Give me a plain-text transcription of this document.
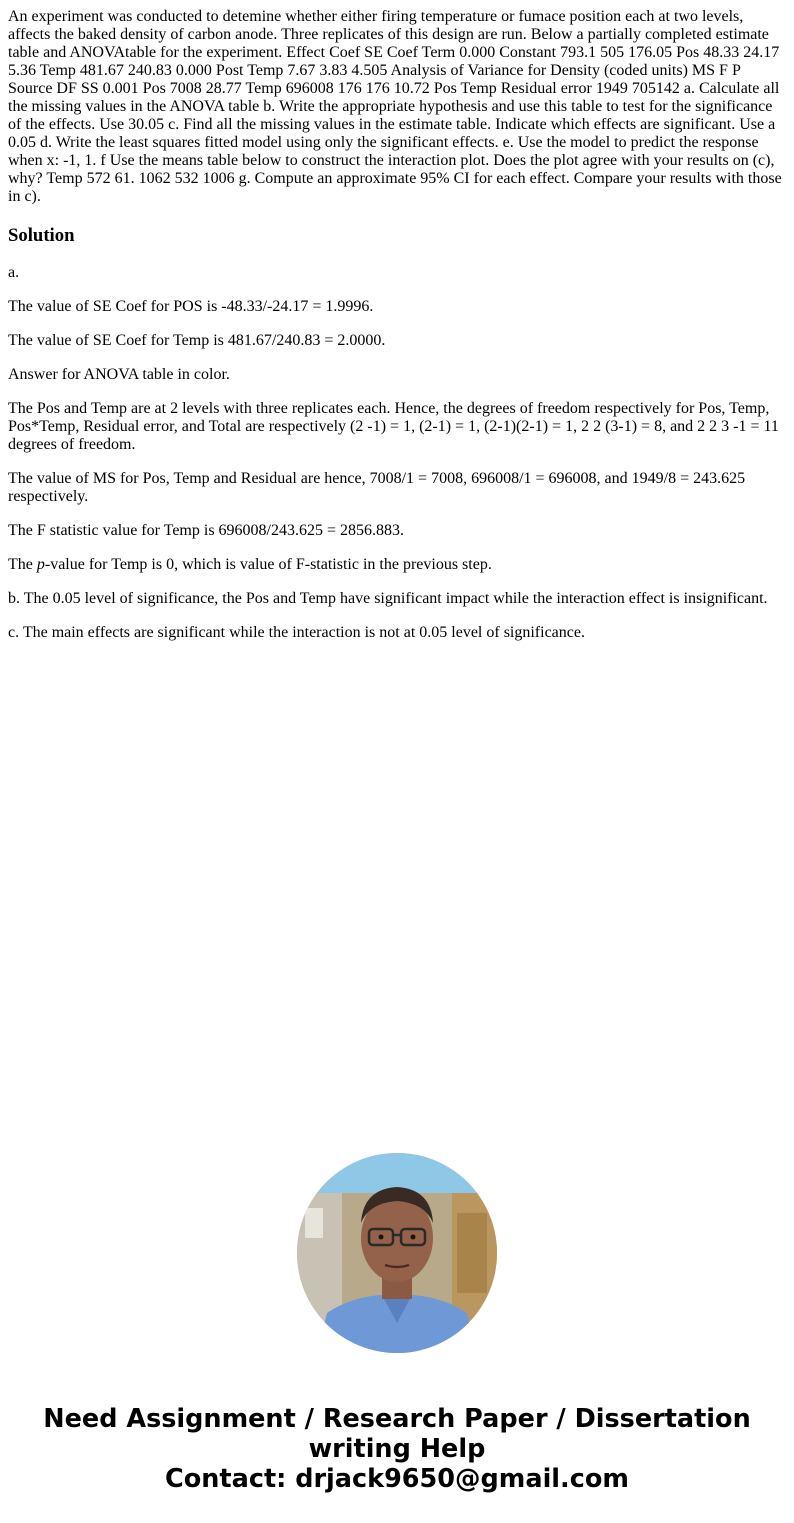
An experiment was conducted to detemine whether either firing temperature or fumace position each at two levels, affects the baked density of carbon anode. Three replicates of this design are run. Below a partially completed estimate table and ANOVAtable for the experiment. Effect Coef SE Coef Term 0.000 Constant 793.1 505 176.05 Pos 48.33 24.17 5.36 Temp 481.67 240.83 0.000 Post Temp 7.67 3.83 4.505 Analysis of Variance for Density (coded units) MS F P Source DF SS 0.001 Pos 7008 28.77 Temp 696008 176 176 10.72 Pos Temp Residual error 1949 705142 a. Calculate all the missing values in the ANOVA table b. Write the appropriate hypothesis and use this table to test for the significance of the effects. Use 30.05 c. Find all the missing values in the estimate table. Indicate which effects are significant. Use a 0.05 d. Write the least squares fitted model using only the significant effects. e. Use the model to predict the response when x: -1, 1. f Use the means table below to construct the interaction plot. Does the plot agree with your results on (c), why? Temp 572 61. 1062 532 1006 g. Compute an approximate 95% CI for each effect. Compare your results with those in c).

Solution

a.

The value of SE Coef for POS is -48.33/-24.17 = 1.9996.

The value of SE Coef for Temp is 481.67/240.83 = 2.0000.

Answer for ANOVA table in color.

The Pos and Temp are at 2 levels with three replicates each. Hence, the degrees of freedom respectively for Pos, Temp, Pos*Temp, Residual error, and Total are respectively (2 -1) = 1, (2-1) = 1, (2-1)(2-1) = 1, 2 2 (3-1) = 8, and 2 2 3 -1 = 11 degrees of freedom.

The value of MS for Pos, Temp and Residual are hence, 7008/1 = 7008, 696008/1 = 696008, and 1949/8 = 243.625 respectively.

The F statistic value for Temp is 696008/243.625 = 2856.883.

The p-value for Temp is 0, which is value of F-statistic in the previous step.

b. The 0.05 level of significance, the Pos and Temp have significant impact while the interaction effect is insignificant.

c. The main effects are significant while the interaction is not at 0.05 level of significance.

Need Assignment / Research Paper / Dissertation writing Help
Contact: drjack9650@gmail.com
